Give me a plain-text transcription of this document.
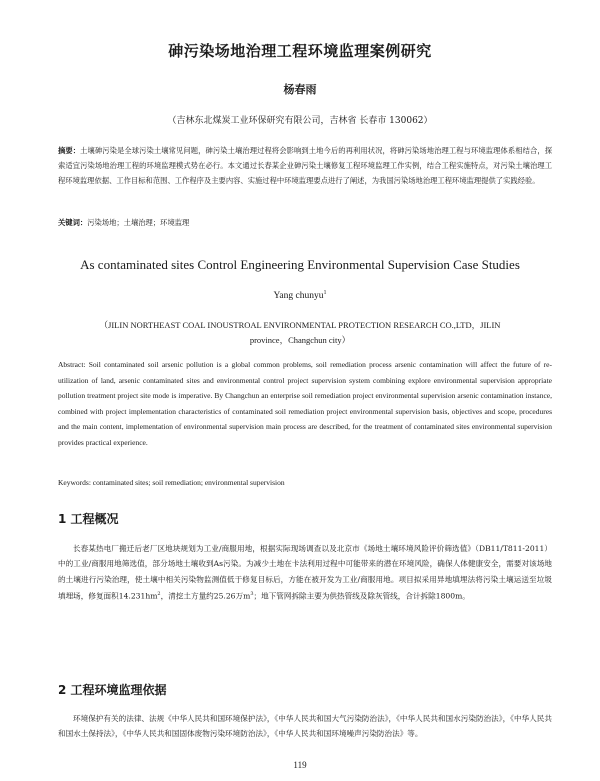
砷污染场地治理工程环境监理案例研究
杨春雨
（吉林东北煤炭工业环保研究有限公司，吉林省 长春市 130062）
摘要：土壤砷污染是全球污染土壤常见问题，砷污染土壤治理过程将会影响到土地今后的再利用状况，将砷污染场地治理工程与环境监理体系相结合，探索适宜污染场地治理工程的环境监理模式势在必行。本文通过长春某企业砷污染土壤修复工程环境监理工作实例，结合工程实施特点，对污染土壤治理工程环境监理依据、工作目标和范围、工作程序及主要内容、实施过程中环境监理要点进行了阐述，为我国污染场地治理工程环境监理提供了实践经验。
关键词：污染场地；土壤治理；环境监理
As contaminated sites Control Engineering Environmental Supervision Case Studies
Yang chunyu$^1$
（JILIN NORTHEAST COAL INOUSTROAL ENVIRONMENTAL PROTECTION RESEARCH CO.,LTD，JILIN province，Changchun city）
Abstract: Soil contaminated soil arsenic pollution is a global common problems, soil remediation process arsenic contamination will affect the future of re-utilization of land, arsenic contaminated sites and environmental control project supervision system combining explore environmental supervision appropriate pollution treatment project site mode is imperative. By Changchun an enterprise soil remediation project environmental supervision arsenic contamination instance, combined with project implementation characteristics of contaminated soil remediation project environmental supervision basis, objectives and scope, procedures and the main content, implementation of environmental supervision main process are described, for the treatment of contaminated sites environmental supervision provides practical experience.
Keywords: contaminated sites; soil remediation; environmental supervision
1 工程概况
长春某热电厂搬迁后老厂区地块规划为工业/商服用地，根据实际现场调查以及北京市《场地土壤环境风险评价筛选值》（DB11/T811-2011）中的工业/商服用地筛选值，部分场地土壤收到As污染。为减少土地在卡法利用过程中可能带来的潜在环境风险，确保人体健康安全，需要对该场地的土壤进行污染治理，使土壤中相关污染物监测值低于修复目标后，方能在被开发为工业/商服用地。项目拟采用异地填埋法将污染土壤运送至垃圾填埋场，修复面积$14.231hm^2$，清挖土方量约25.26万$m^3$；地下管网拆除主要为供热管线及除灰管线，合计拆除1800m。
2 工程环境监理依据
环境保护有关的法律、法规《中华人民共和国环境保护法》，《中华人民共和国大气污染防治法》，《中华人民共和国水污染防治法》，《中华人民共和国水土保持法》，《中华人民共和国固体废物污染环境防治法》，《中华人民共和国环境噪声污染防治法》等。
119
